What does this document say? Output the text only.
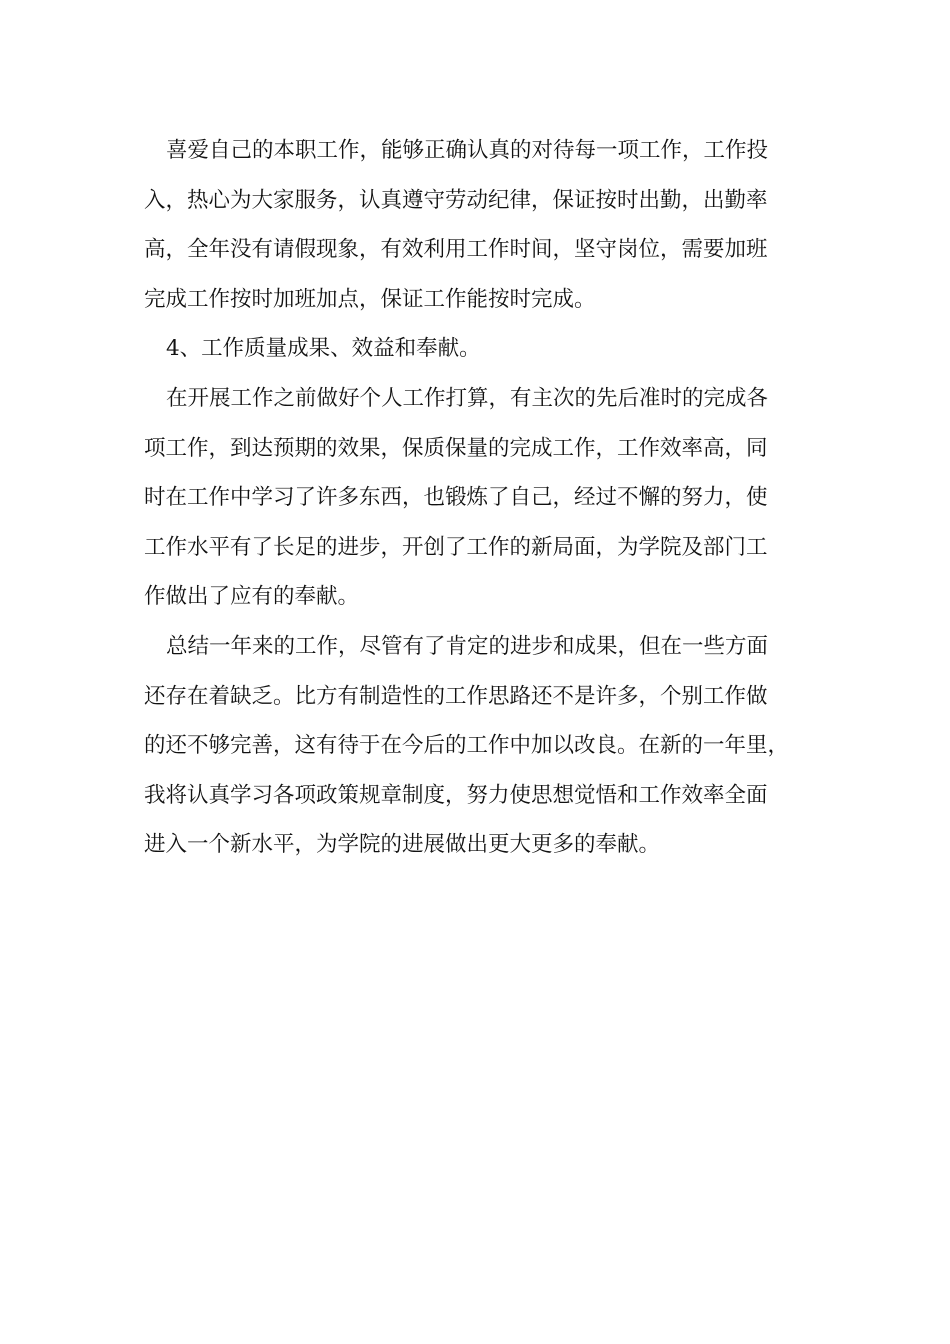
喜爱自己的本职工作，能够正确认真的对待每一项工作，工作投
入，热心为大家服务，认真遵守劳动纪律，保证按时出勤，出勤率
高，全年没有请假现象，有效利用工作时间，坚守岗位，需要加班
完成工作按时加班加点，保证工作能按时完成。
4、工作质量成果、效益和奉献。
在开展工作之前做好个人工作打算，有主次的先后准时的完成各
项工作，到达预期的效果，保质保量的完成工作，工作效率高，同
时在工作中学习了许多东西，也锻炼了自己，经过不懈的努力，使
工作水平有了长足的进步，开创了工作的新局面，为学院及部门工
作做出了应有的奉献。
总结一年来的工作，尽管有了肯定的进步和成果，但在一些方面
还存在着缺乏。比方有制造性的工作思路还不是许多，个别工作做
的还不够完善，这有待于在今后的工作中加以改良。在新的一年里，
我将认真学习各项政策规章制度，努力使思想觉悟和工作效率全面
进入一个新水平，为学院的进展做出更大更多的奉献。
